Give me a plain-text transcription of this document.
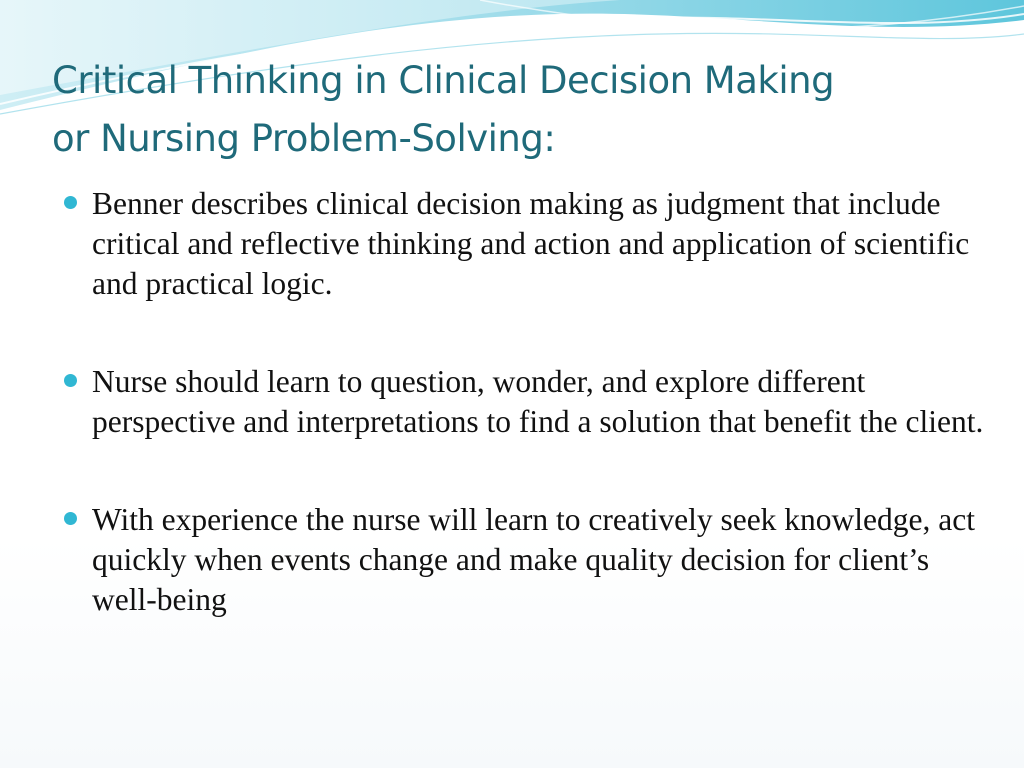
Critical Thinking in Clinical Decision Making
or Nursing Problem-Solving:
Benner describes clinical decision making as judgment that include critical and reflective thinking and action and application of scientific and practical logic.
Nurse should learn to question, wonder, and explore different perspective and interpretations to find a solution that benefit the client.
With experience the nurse will learn to creatively seek knowledge, act quickly when events change and make quality decision for client’s well-being
